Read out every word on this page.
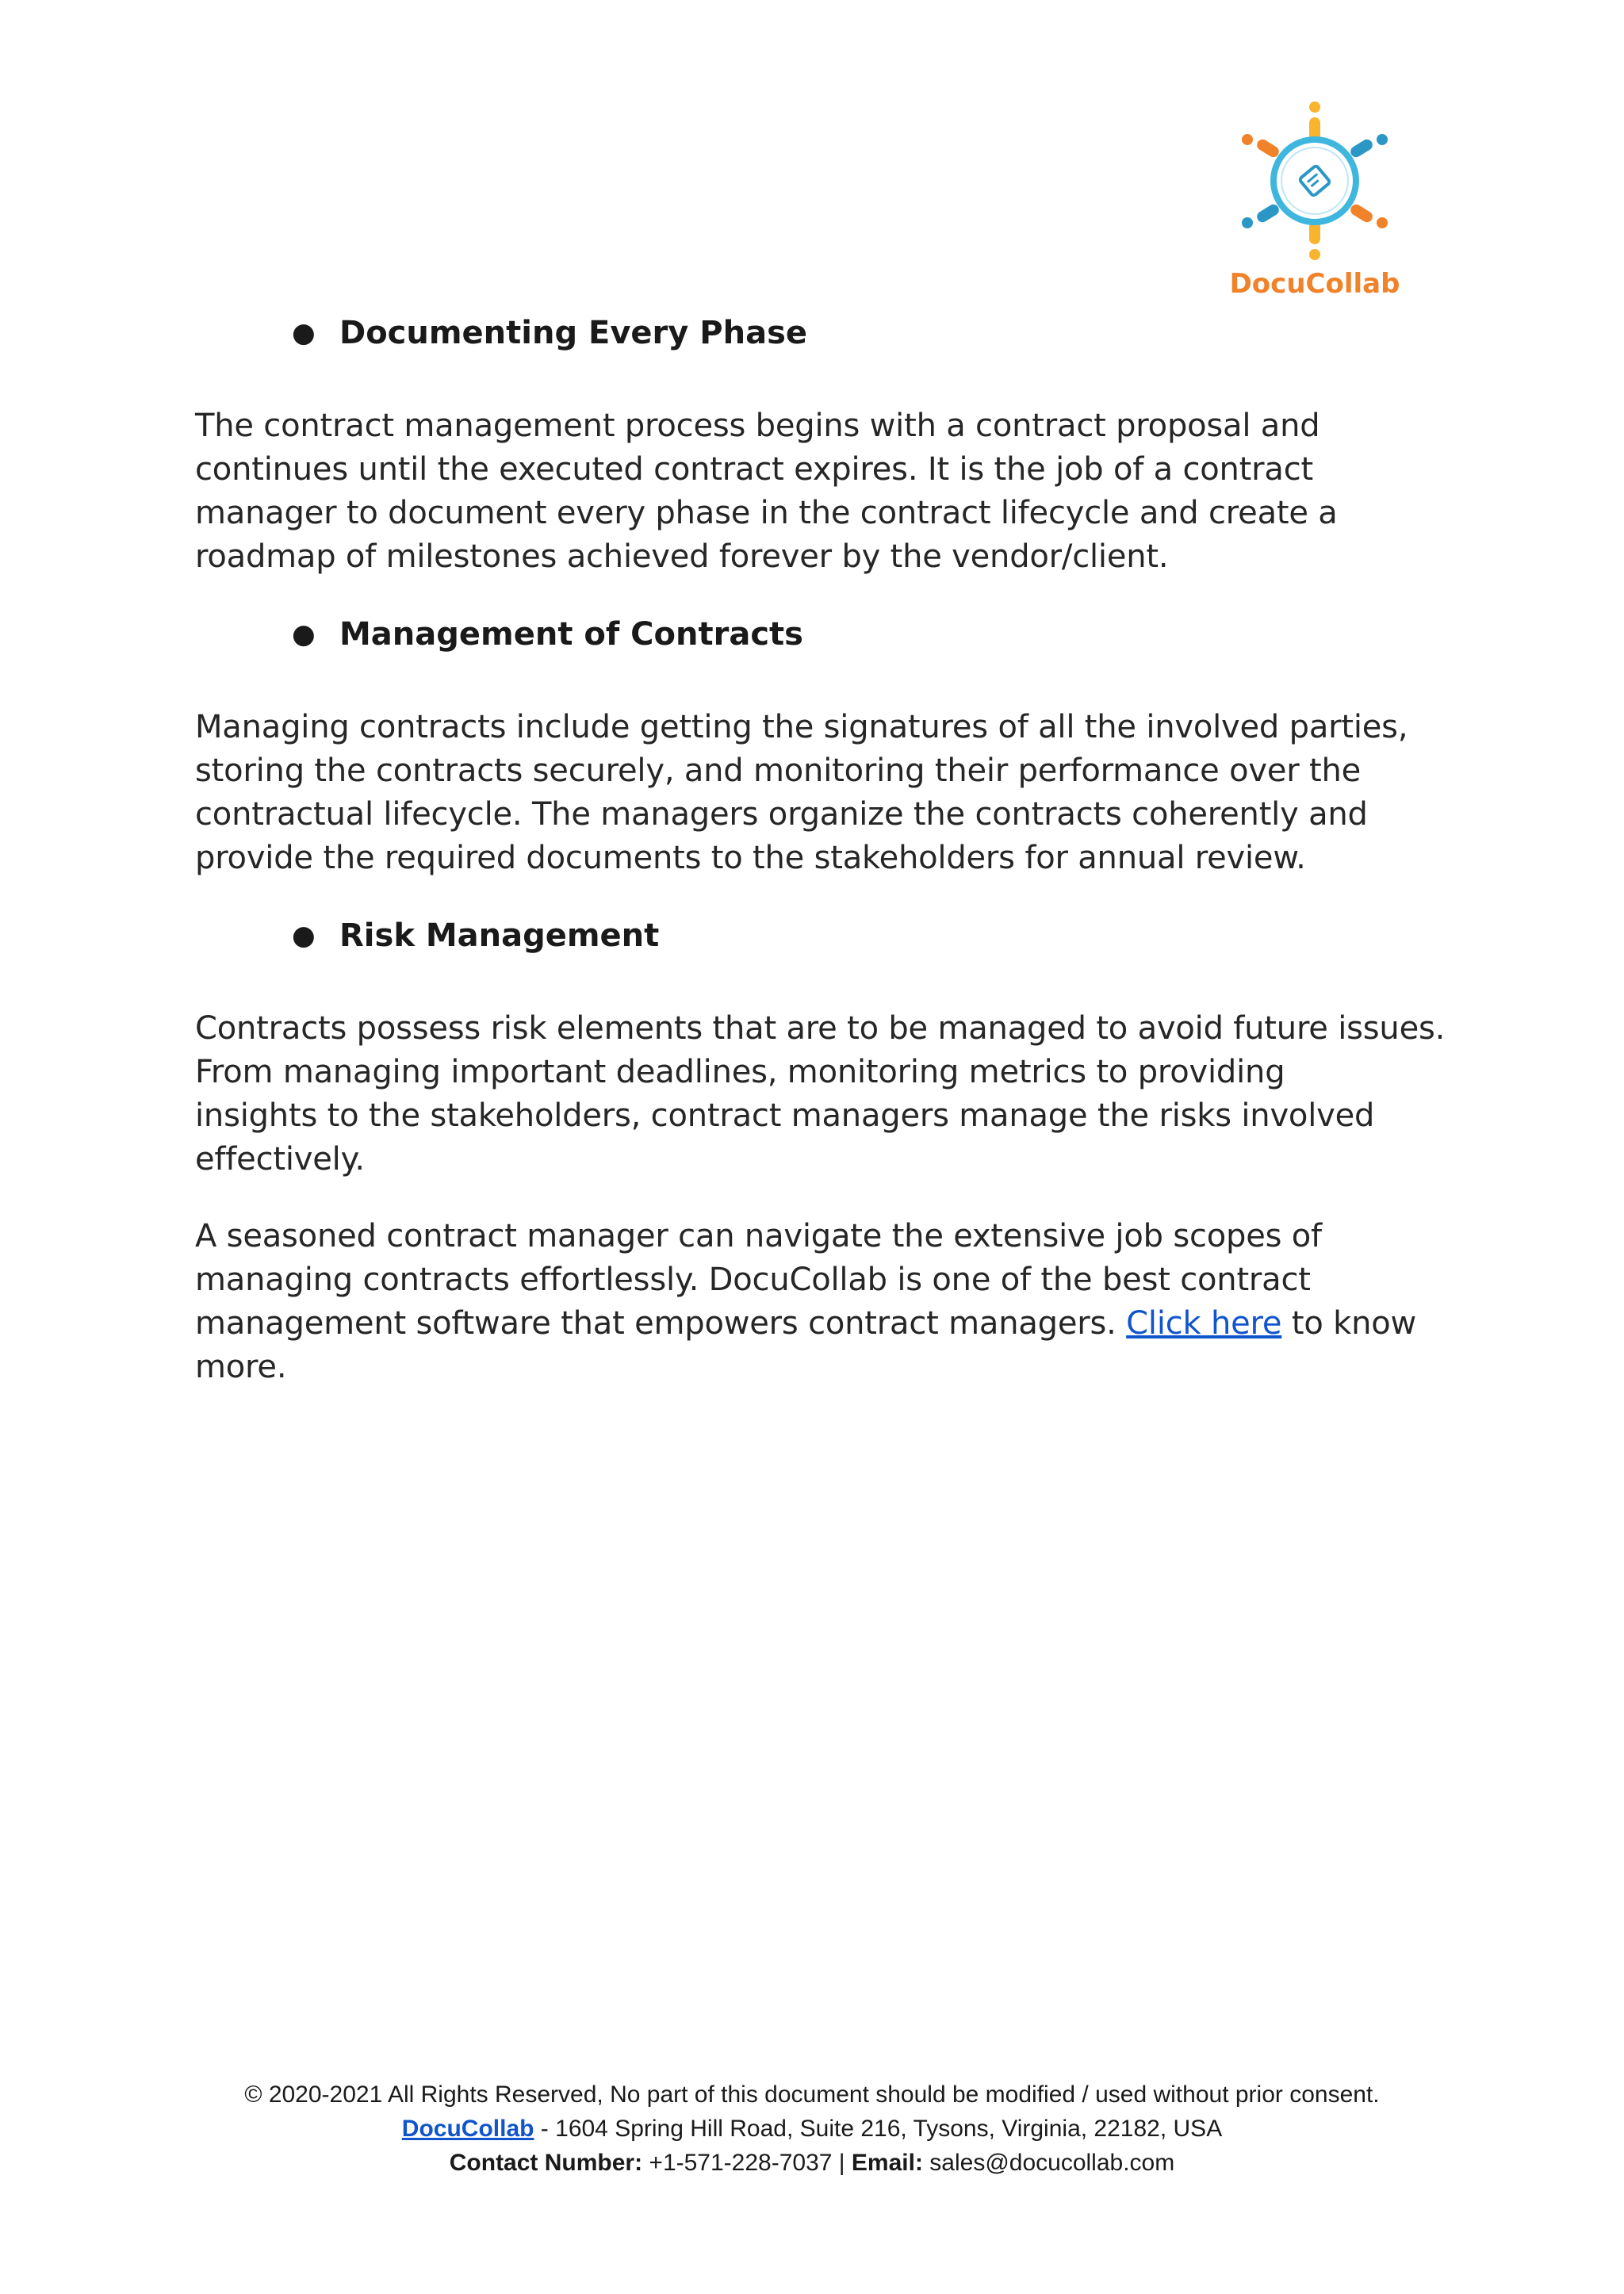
DocuCollab
● Documenting Every Phase

The contract management process begins with a contract proposal and
continues until the executed contract expires. It is the job of a contract
manager to document every phase in the contract lifecycle and create a
roadmap of milestones achieved forever by the vendor/client.

● Management of Contracts

Managing contracts include getting the signatures of all the involved parties,
storing the contracts securely, and monitoring their performance over the
contractual lifecycle. The managers organize the contracts coherently and
provide the required documents to the stakeholders for annual review.

● Risk Management

Contracts possess risk elements that are to be managed to avoid future issues.
From managing important deadlines, monitoring metrics to providing
insights to the stakeholders, contract managers manage the risks involved
effectively.

A seasoned contract manager can navigate the extensive job scopes of
managing contracts effortlessly. DocuCollab is one of the best contract
management software that empowers contract managers. Click here to know
more.

© 2020-2021 All Rights Reserved, No part of this document should be modified / used without prior consent.
DocuCollab - 1604 Spring Hill Road, Suite 216, Tysons, Virginia, 22182, USA
Contact Number: +1-571-228-7037 | Email: sales@docucollab.com
